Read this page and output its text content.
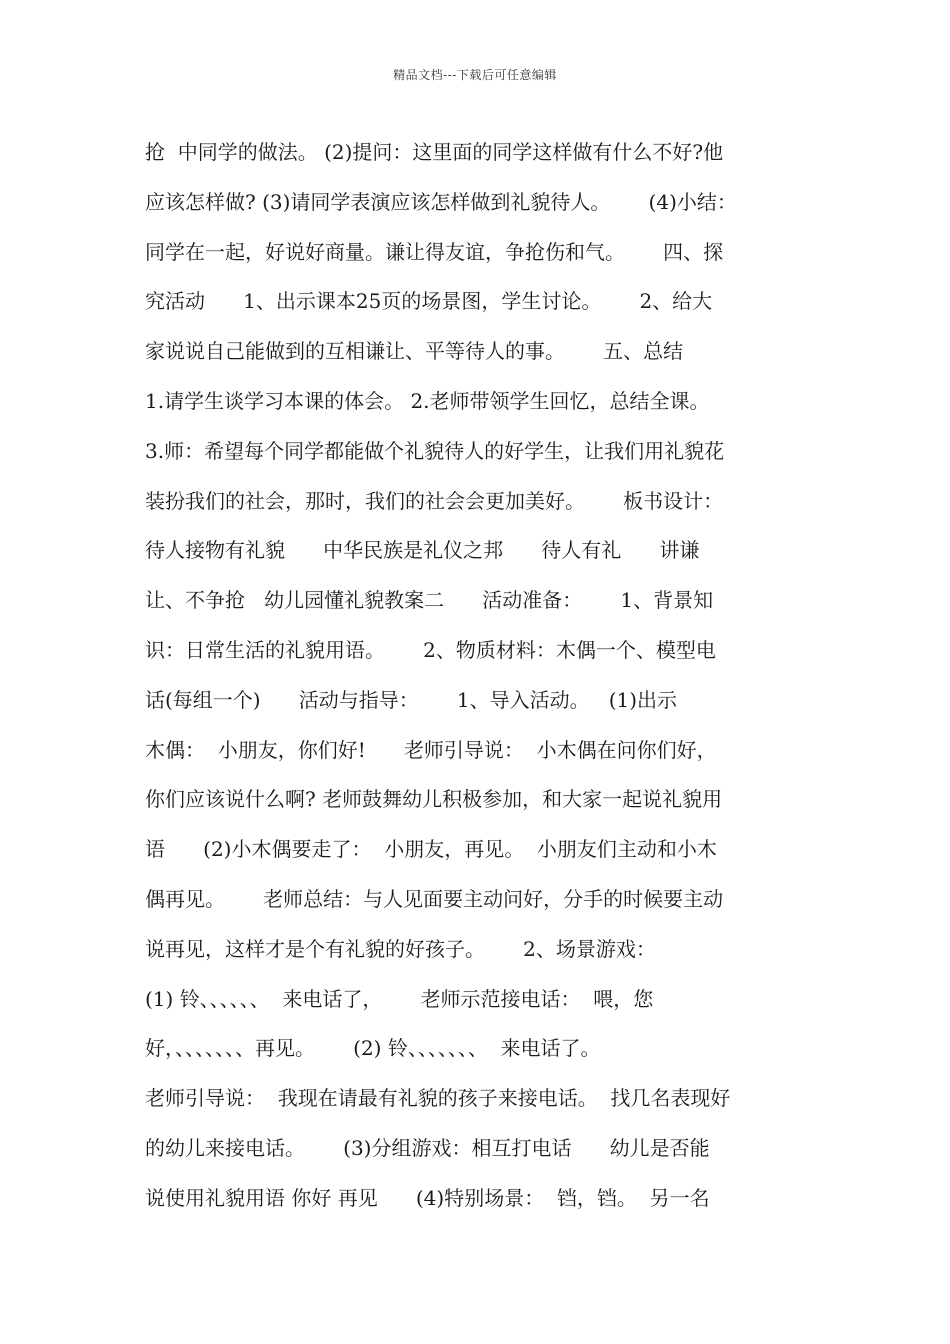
精品文档---下载后可任意编辑
抢  中同学的做法。 (2)提问：这里面的同学这样做有什么不好?他
应该怎样做? (3)请同学表演应该怎样做到礼貌待人。      (4)小结：
同学在一起，好说好商量。谦让得友谊，争抢伤和气。      四、探
究活动      1、出示课本25页的场景图，学生讨论。      2、给大
家说说自己能做到的互相谦让、平等待人的事。      五、总结
1.请学生谈学习本课的体会。 2.老师带领学生回忆，总结全课。
3.师：希望每个同学都能做个礼貌待人的好学生，让我们用礼貌花
装扮我们的社会，那时，我们的社会会更加美好。      板书设计：
待人接物有礼貌      中华民族是礼仪之邦      待人有礼      讲谦
让、不争抢   幼儿园懂礼貌教案二      活动准备：      1、背景知
识：日常生活的礼貌用语。      2、物质材料：木偶一个、模型电
话(每组一个)      活动与指导：      1、导入活动。   (1)出示
木偶：  小朋友，你们好!      老师引导说：  小木偶在问你们好，
你们应该说什么啊? 老师鼓舞幼儿积极参加，和大家一起说礼貌用
语      (2)小木偶要走了：  小朋友，再见。  小朋友们主动和小木
偶再见。      老师总结：与人见面要主动问好，分手的时候要主动
说再见，这样才是个有礼貌的好孩子。      2、场景游戏：
(1) 铃、、、、、、  来电话了，      老师示范接电话：  喂，您
好，、、、、、、、再见。      (2) 铃、、、、、、、  来电话了。
老师引导说：  我现在请最有礼貌的孩子来接电话。  找几名表现好
的幼儿来接电话。      (3)分组游戏：相互打电话      幼儿是否能
说使用礼貌用语 你好 再见      (4)特别场景：  铛，铛。  另一名
